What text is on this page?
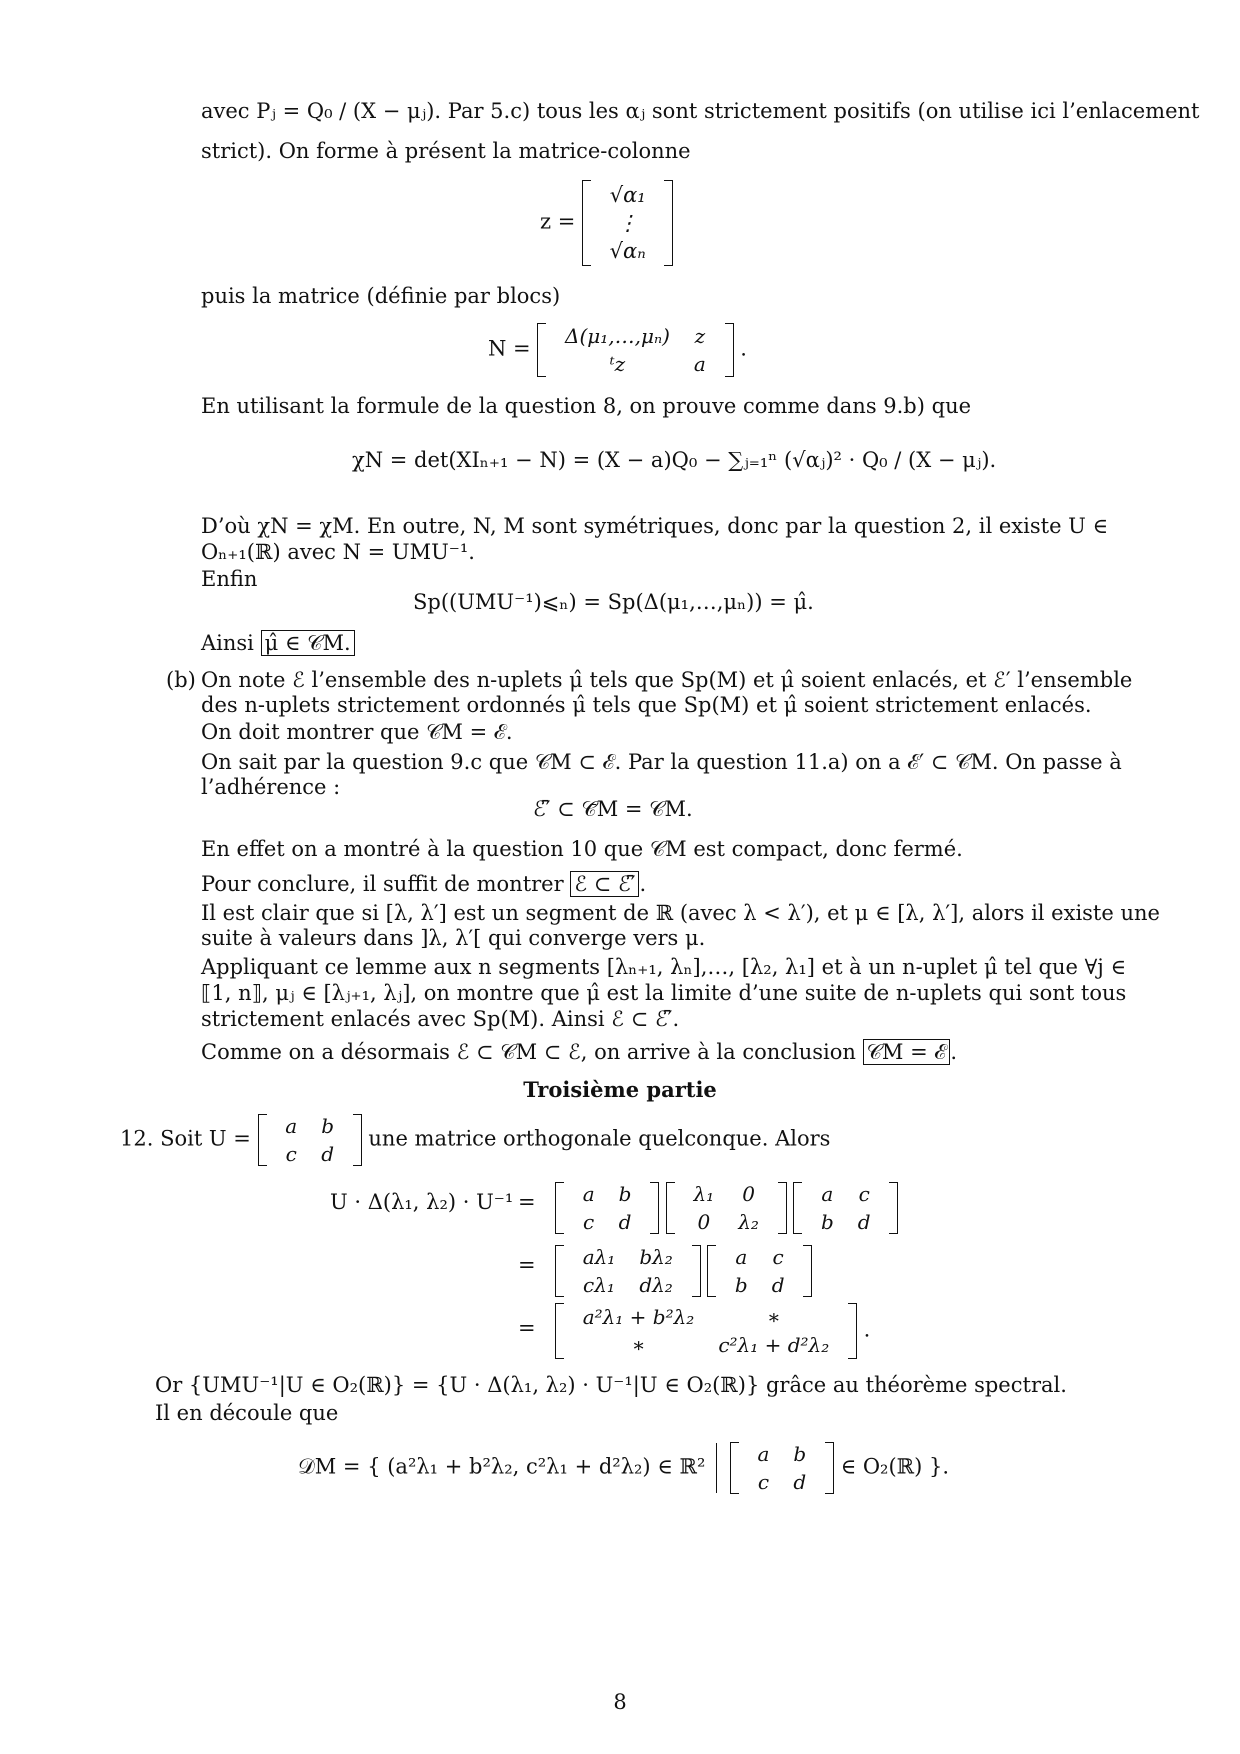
avec Pⱼ = Q₀ / (X − μⱼ). Par 5.c) tous les αⱼ sont strictement positifs (on utilise ici l’enlacement
strict). On forme à présent la matrice-colonne
z =
√α₁
⋮
√αₙ

puis la matrice (définie par blocs)
N =  Δ(μ₁,…,μₙ)	z
ᵗz	a  .
En utilisant la formule de la question 8, on prouve comme dans 9.b) que
χN = det(XIₙ₊₁ − N) = (X − a)Q₀ − ∑ⱼ₌₁ⁿ (√αⱼ)² · Q₀ / (X − μⱼ).
D’où χN = χM. En outre, N, M sont symétriques, donc par la question 2, il existe U ∈
Oₙ₊₁(ℝ) avec N = UMU⁻¹.
Enfin
Sp((UMU⁻¹)⩽ₙ) = Sp(Δ(μ₁,…,μₙ)) = μ̂.
Ainsi μ̂ ∈ 𝒞M.
(b) On note ℰ l’ensemble des n-uplets μ̂ tels que Sp(M) et μ̂ soient enlacés, et ℰ′ l’ensemble
des n-uplets strictement ordonnés μ̂ tels que Sp(M) et μ̂ soient strictement enlacés.
On doit montrer que 𝒞M = ℰ.
On sait par la question 9.c que 𝒞M ⊂ ℰ. Par la question 11.a) on a ℰ′ ⊂ 𝒞M. On passe à
l’adhérence :
ℰ′̄ ⊂ 𝒞̄M = 𝒞M.
En effet on a montré à la question 10 que 𝒞M est compact, donc fermé.
Pour conclure, il suffit de montrer ℰ ⊂ ℰ′̄ .
Il est clair que si [λ, λ′] est un segment de ℝ (avec λ < λ′), et μ ∈ [λ, λ′], alors il existe une
suite à valeurs dans ]λ, λ′[ qui converge vers μ.
Appliquant ce lemme aux n segments [λₙ₊₁, λₙ],…, [λ₂, λ₁] et à un n-uplet μ̂ tel que ∀j ∈
⟦1, n⟧, μⱼ ∈ [λⱼ₊₁, λⱼ], on montre que μ̂ est la limite d’une suite de n-uplets qui sont tous
strictement enlacés avec Sp(M). Ainsi ℰ ⊂ ℰ′̄.
Comme on a désormais ℰ ⊂ 𝒞M ⊂ ℰ, on arrive à la conclusion 𝒞M = ℰ .
Troisième partie
12. Soit U =  a	b
c	d  une matrice orthogonale quelconque. Alors
U · Δ(λ₁, λ₂) · U⁻¹ = a	b
c	d   λ₁	0
0	λ₂   a	c
b	d
= aλ₁	bλ₂
cλ₁	dλ₂   a	c
b	d
= a²λ₁ + b²λ₂	∗
∗	c²λ₁ + d²λ₂  .
Or {UMU⁻¹|U ∈ O₂(ℝ)} = {U · Δ(λ₁, λ₂) · U⁻¹|U ∈ O₂(ℝ)} grâce au théorème spectral.
Il en découle que
𝒟M = { (a²λ₁ + b²λ₂, c²λ₁ + d²λ₂) ∈ ℝ²   a	b
c	d  ∈ O₂(ℝ) }.
8
